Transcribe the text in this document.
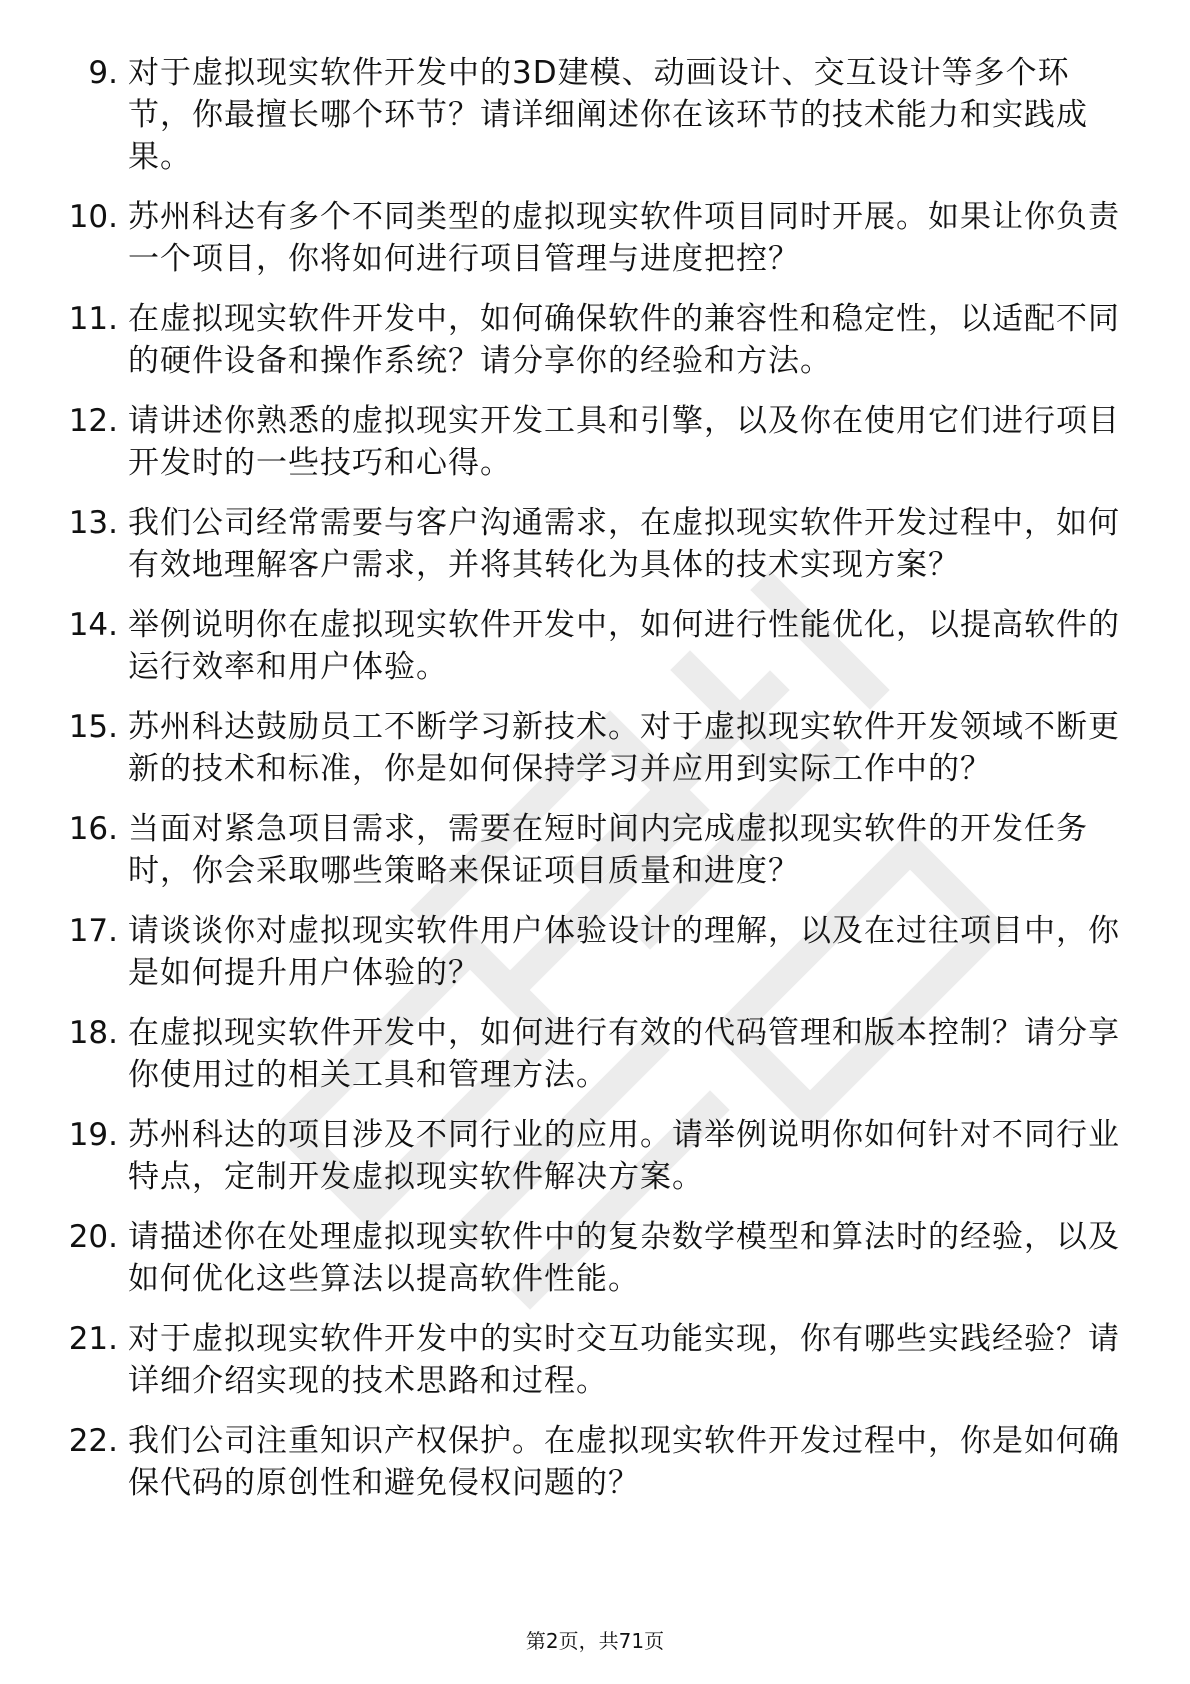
9. 对于虚拟现实软件开发中的3D建模、动画设计、交互设计等多个环节，你最擅长哪个环节？请详细阐述你在该环节的技术能力和实践成果。
10. 苏州科达有多个不同类型的虚拟现实软件项目同时开展。如果让你负责一个项目，你将如何进行项目管理与进度把控？
11. 在虚拟现实软件开发中，如何确保软件的兼容性和稳定性，以适配不同的硬件设备和操作系统？请分享你的经验和方法。
12. 请讲述你熟悉的虚拟现实开发工具和引擎，以及你在使用它们进行项目开发时的一些技巧和心得。
13. 我们公司经常需要与客户沟通需求，在虚拟现实软件开发过程中，如何有效地理解客户需求，并将其转化为具体的技术实现方案？
14. 举例说明你在虚拟现实软件开发中，如何进行性能优化，以提高软件的运行效率和用户体验。
15. 苏州科达鼓励员工不断学习新技术。对于虚拟现实软件开发领域不断更新的技术和标准，你是如何保持学习并应用到实际工作中的？
16. 当面对紧急项目需求，需要在短时间内完成虚拟现实软件的开发任务时，你会采取哪些策略来保证项目质量和进度？
17. 请谈谈你对虚拟现实软件用户体验设计的理解，以及在过往项目中，你是如何提升用户体验的？
18. 在虚拟现实软件开发中，如何进行有效的代码管理和版本控制？请分享你使用过的相关工具和管理方法。
19. 苏州科达的项目涉及不同行业的应用。请举例说明你如何针对不同行业特点，定制开发虚拟现实软件解决方案。
20. 请描述你在处理虚拟现实软件中的复杂数学模型和算法时的经验，以及如何优化这些算法以提高软件性能。
21. 对于虚拟现实软件开发中的实时交互功能实现，你有哪些实践经验？请详细介绍实现的技术思路和过程。
22. 我们公司注重知识产权保护。在虚拟现实软件开发过程中，你是如何确保代码的原创性和避免侵权问题的？
第2页，共71页
